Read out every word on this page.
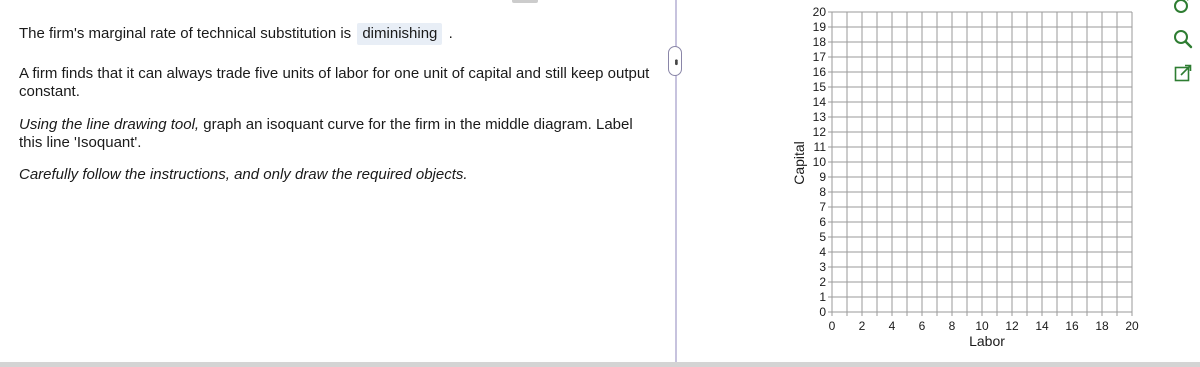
The firm's marginal rate of technical substitution is diminishing .

A firm finds that it can always trade five units of labor for one unit of capital and still keep output constant.

Using the line drawing tool, graph an isoquant curve for the firm in the middle diagram. Label this line 'Isoquant'.

Carefully follow the instructions, and only draw the required objects.

•••
Capital
Labor
0
1
2
3
4
5
6
7
8
9
10
11
12
13
14
15
16
17
18
19
20
0 2 4 6 8 10 12 14 16 18 20
